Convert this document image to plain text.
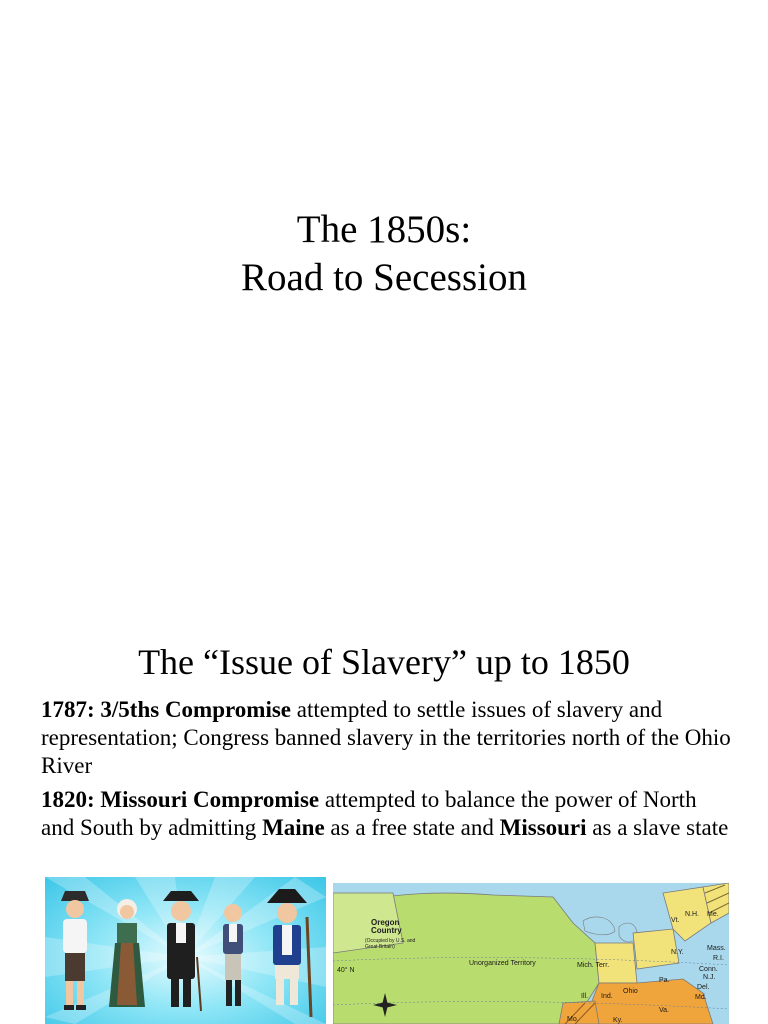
The 1850s:
Road to Secession
The “Issue of Slavery” up to 1850
1787: 3/5ths Compromise attempted to settle issues of slavery and representation; Congress banned slavery in the territories north of the Ohio River
1820: Missouri Compromise attempted to balance the power of North and South by admitting Maine as a free state and Missouri as a slave state
Oregon Country
(Occupied by U.S. and Great Britain)
Unorganized Territory	Mich. Terr.
Ohio
Ill. Ind.
Pa.
N.Y.
Vt.
N.H. Me.
Mass.
R.I.
Conn.
N.J.
Del.
Md.
Va.
Ky.
Mo.
40° N
